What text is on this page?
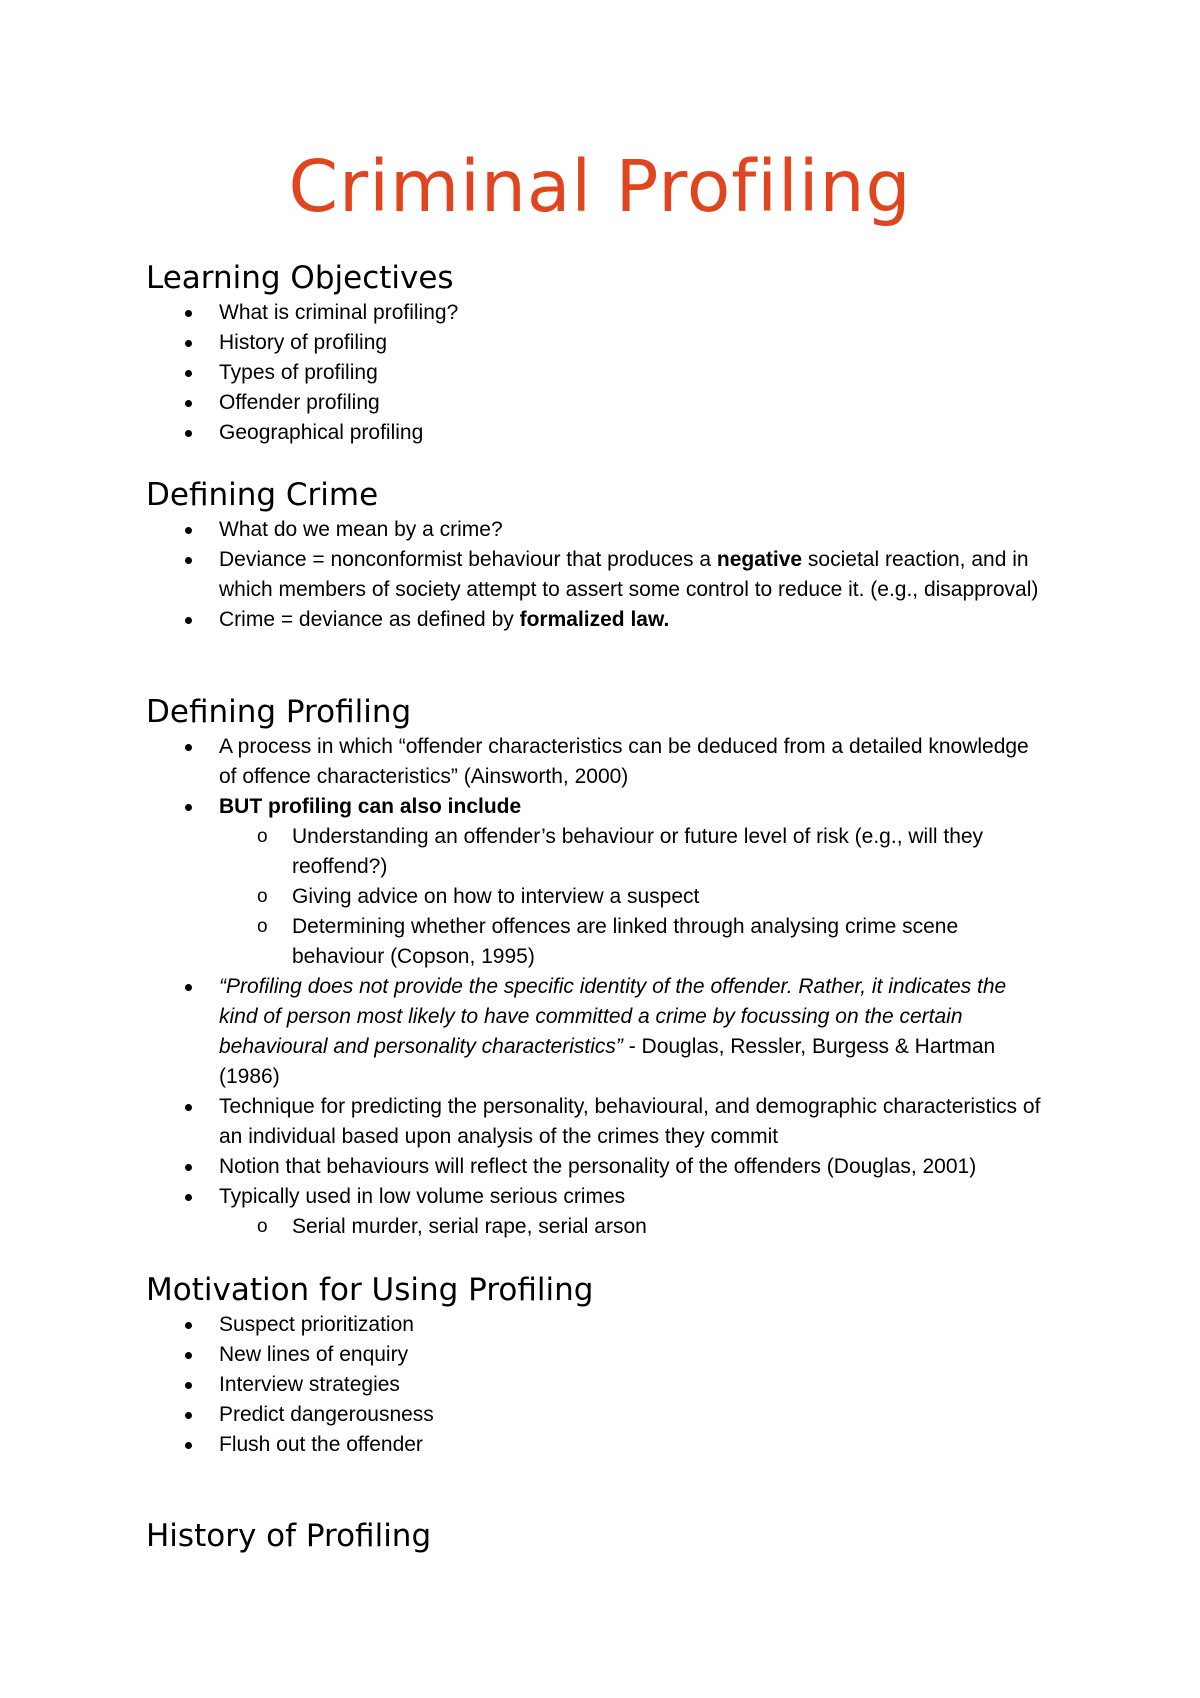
Criminal Profiling
Learning Objectives
What is criminal profiling?
History of profiling
Types of profiling
Offender profiling
Geographical profiling
Defining Crime
What do we mean by a crime?
Deviance = nonconformist behaviour that produces a negative societal reaction, and in which members of society attempt to assert some control to reduce it. (e.g., disapproval)
Crime = deviance as defined by formalized law.
Defining Profiling
A process in which “offender characteristics can be deduced from a detailed knowledge of offence characteristics” (Ainsworth, 2000)
BUT profiling can also include
o Understanding an offender’s behaviour or future level of risk (e.g., will they reoffend?)
o Giving advice on how to interview a suspect
o Determining whether offences are linked through analysing crime scene behaviour (Copson, 1995)
“Profiling does not provide the specific identity of the offender. Rather, it indicates the kind of person most likely to have committed a crime by focussing on the certain behavioural and personality characteristics” - Douglas, Ressler, Burgess & Hartman (1986)
Technique for predicting the personality, behavioural, and demographic characteristics of an individual based upon analysis of the crimes they commit
Notion that behaviours will reflect the personality of the offenders (Douglas, 2001)
Typically used in low volume serious crimes
o Serial murder, serial rape, serial arson
Motivation for Using Profiling
Suspect prioritization
New lines of enquiry
Interview strategies
Predict dangerousness
Flush out the offender
History of Profiling
